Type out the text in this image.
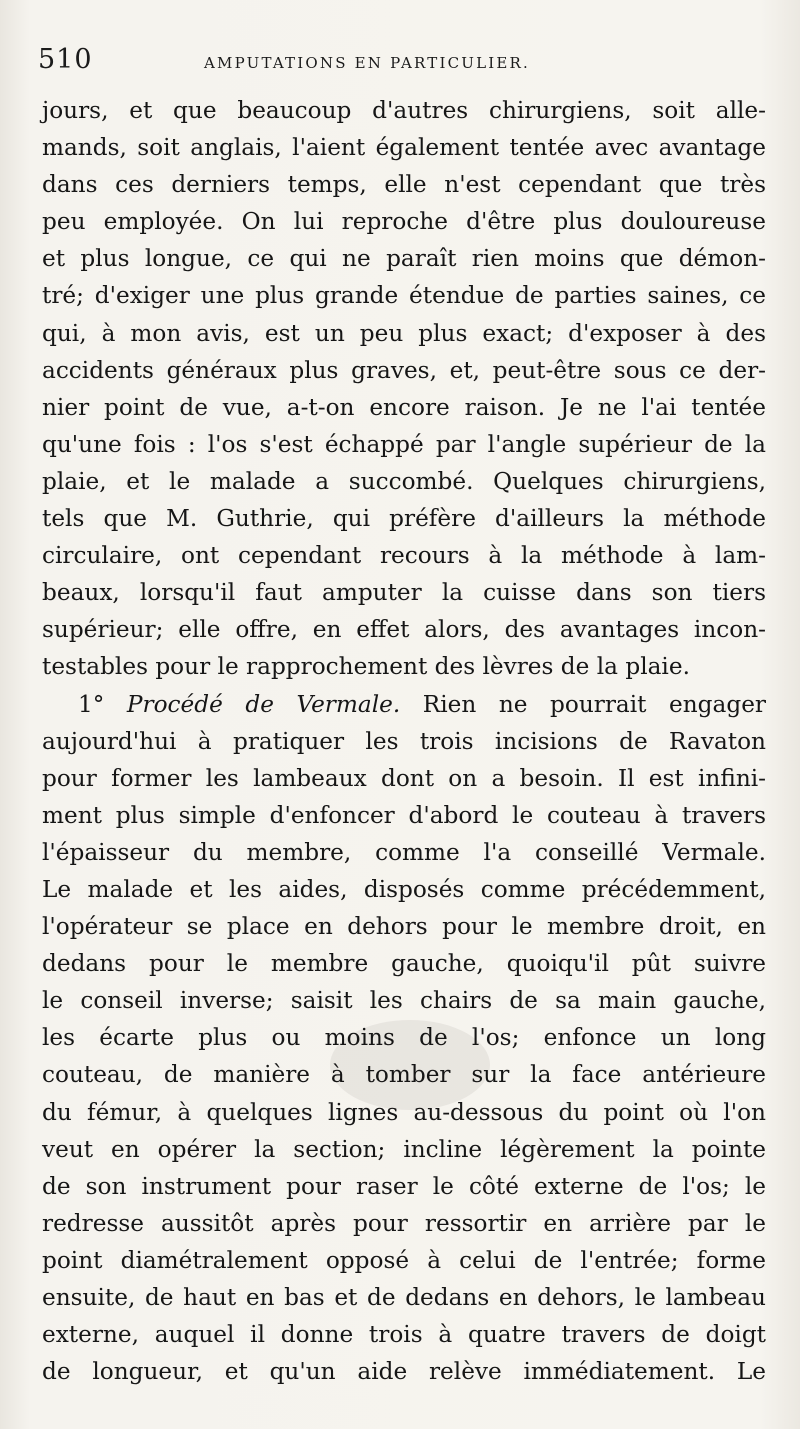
510	AMPUTATIONS EN PARTICULIER.
jours, et que beaucoup d'autres chirurgiens, soit alle-
mands, soit anglais, l'aient également tentée avec avantage
dans ces derniers temps, elle n'est cependant que très
peu employée. On lui reproche d'être plus douloureuse
et plus longue, ce qui ne paraît rien moins que démon-
tré; d'exiger une plus grande étendue de parties saines, ce
qui, à mon avis, est un peu plus exact; d'exposer à des
accidents généraux plus graves, et, peut-être sous ce der-
nier point de vue, a-t-on encore raison. Je ne l'ai tentée
qu'une fois : l'os s'est échappé par l'angle supérieur de la
plaie, et le malade a succombé. Quelques chirurgiens,
tels que M. Guthrie, qui préfère d'ailleurs la méthode
circulaire, ont cependant recours à la méthode à lam-
beaux, lorsqu'il faut amputer la cuisse dans son tiers
supérieur; elle offre, en effet alors, des avantages incon-
testables pour le rapprochement des lèvres de la plaie.
1° Procédé de Vermale. Rien ne pourrait engager
aujourd'hui à pratiquer les trois incisions de Ravaton
pour former les lambeaux dont on a besoin. Il est infini-
ment plus simple d'enfoncer d'abord le couteau à travers
l'épaisseur du membre, comme l'a conseillé Vermale.
Le malade et les aides, disposés comme précédemment,
l'opérateur se place en dehors pour le membre droit, en
dedans pour le membre gauche, quoiqu'il pût suivre
le conseil inverse; saisit les chairs de sa main gauche,
les écarte plus ou moins de l'os; enfonce un long
couteau, de manière à tomber sur la face antérieure
du fémur, à quelques lignes au-dessous du point où l'on
veut en opérer la section; incline légèrement la pointe
de son instrument pour raser le côté externe de l'os; le
redresse aussitôt après pour ressortir en arrière par le
point diamétralement opposé à celui de l'entrée; forme
ensuite, de haut en bas et de dedans en dehors, le lambeau
externe, auquel il donne trois à quatre travers de doigt
de longueur, et qu'un aide relève immédiatement. Le
